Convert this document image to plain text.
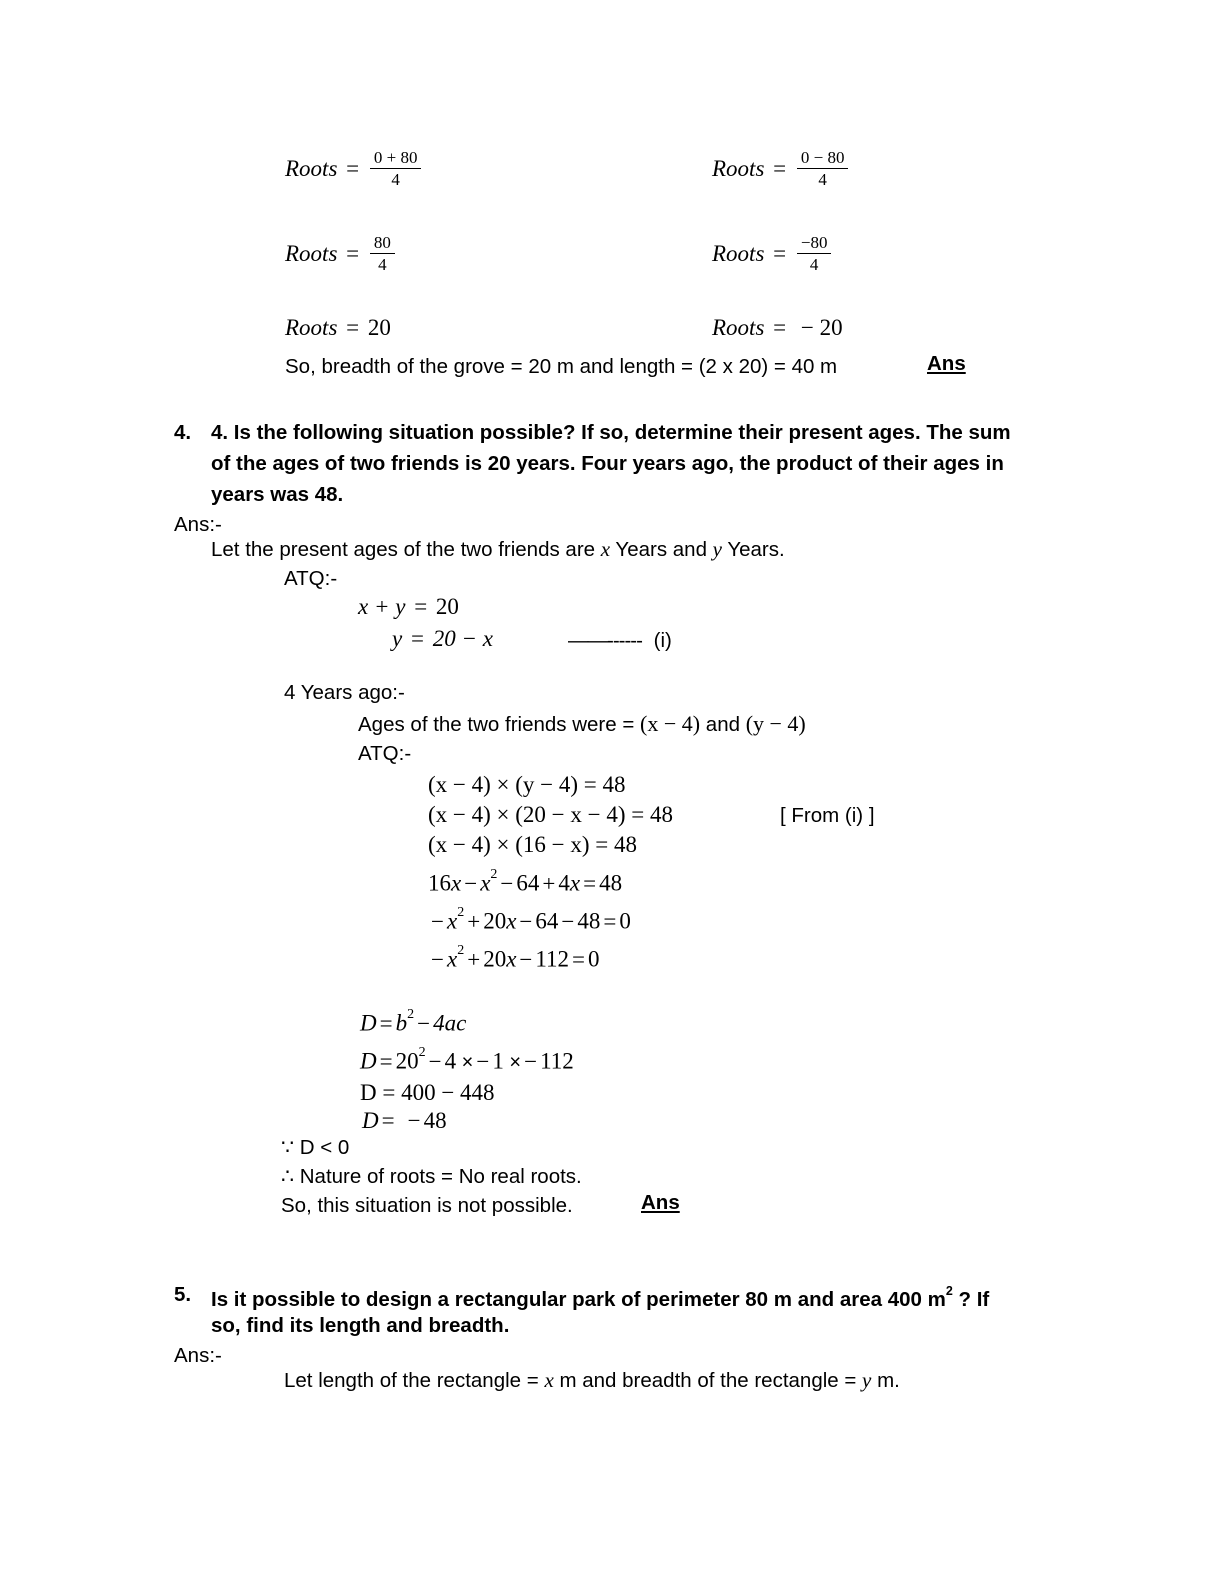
Roots = $\frac{0 + 80}{4}$	Roots = $\frac{0 - 80}{4}$
Roots = $\frac{80}{4}$	Roots = $\frac{-80}{4}$
Roots = 20	Roots = − 20
So, breadth of the grove = 20 m and length = (2 x 20) = 40 m	Ans
4. 4. Is the following situation possible? If so, determine their present ages. The sum
of the ages of two friends is 20 years. Four years ago, the product of their ages in
years was 48.
Ans:-
Let the present ages of the two friends are x Years and y Years.
ATQ:-
x + y = 20
y = 20 − x	——------ (i)
4 Years ago:-
Ages of the two friends were = (x − 4) and (y − 4)
ATQ:-
(x − 4) × (y − 4) = 48
(x − 4) × (20 − x − 4) = 48	[ From (i) ]
(x − 4) × (16 − x) = 48
$16x - x^2 - 64 + 4x = 48$
− $x^2 + 20x - 64 - 48 = 0$
− $x^2 + 20x - 112 = 0$
$D = b^2 - 4ac$
$D = 20^2 - 4$ × − 1 × − 112
D = 400 − 448
D = − 48
∵ D < 0
∴ Nature of roots = No real roots.
So, this situation is not possible.	Ans
5. Is it possible to design a rectangular park of perimeter 80 m and area 400 $m^2$ ? If
so, find its length and breadth.
Ans:-
Let length of the rectangle = x m and breadth of the rectangle = y m.
